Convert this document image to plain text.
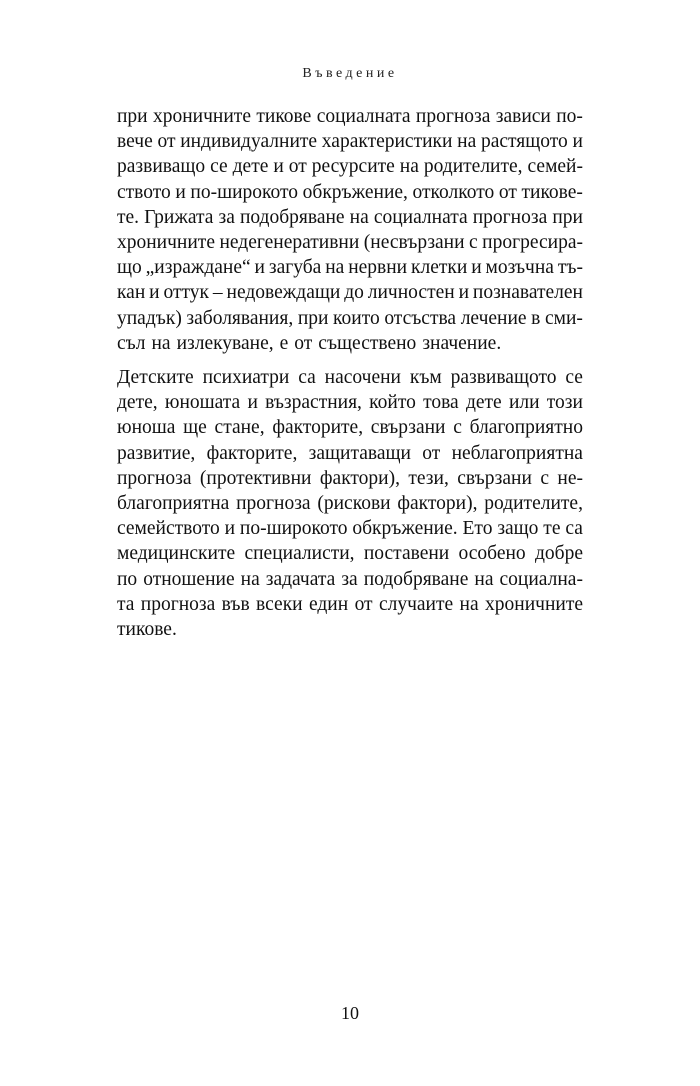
Въведение
при хроничните тикове социалната прогноза зависи по-
вече от индивидуалните характеристики на растящото и
развиващо се дете и от ресурсите на родителите, семей-
ството и по-широкото обкръжение, отколкото от тикове-
те. Грижата за подобряване на социалната прогноза при
хроничните недегенеративни (несвързани с прогресира-
що „израждане“ и загуба на нервни клетки и мозъчна тъ-
кан и оттук – недовеждащи до личностен и познавателен
упадък) заболявания, при които отсъства лечение в сми-
съл на излекуване, е от съществено значение.
Детските психиатри са насочени към развиващото се
дете, юношата и възрастния, който това дете или този
юноша ще стане, факторите, свързани с благоприятно
развитие, факторите, защитаващи от неблагоприятна
прогноза (протективни фактори), тези, свързани с не-
благоприятна прогноза (рискови фактори), родителите,
семейството и по-широкото обкръжение. Ето защо те са
медицинските специалисти, поставени особено добре
по отношение на задачата за подобряване на социална-
та прогноза във всеки един от случаите на хроничните
тикове.
10
